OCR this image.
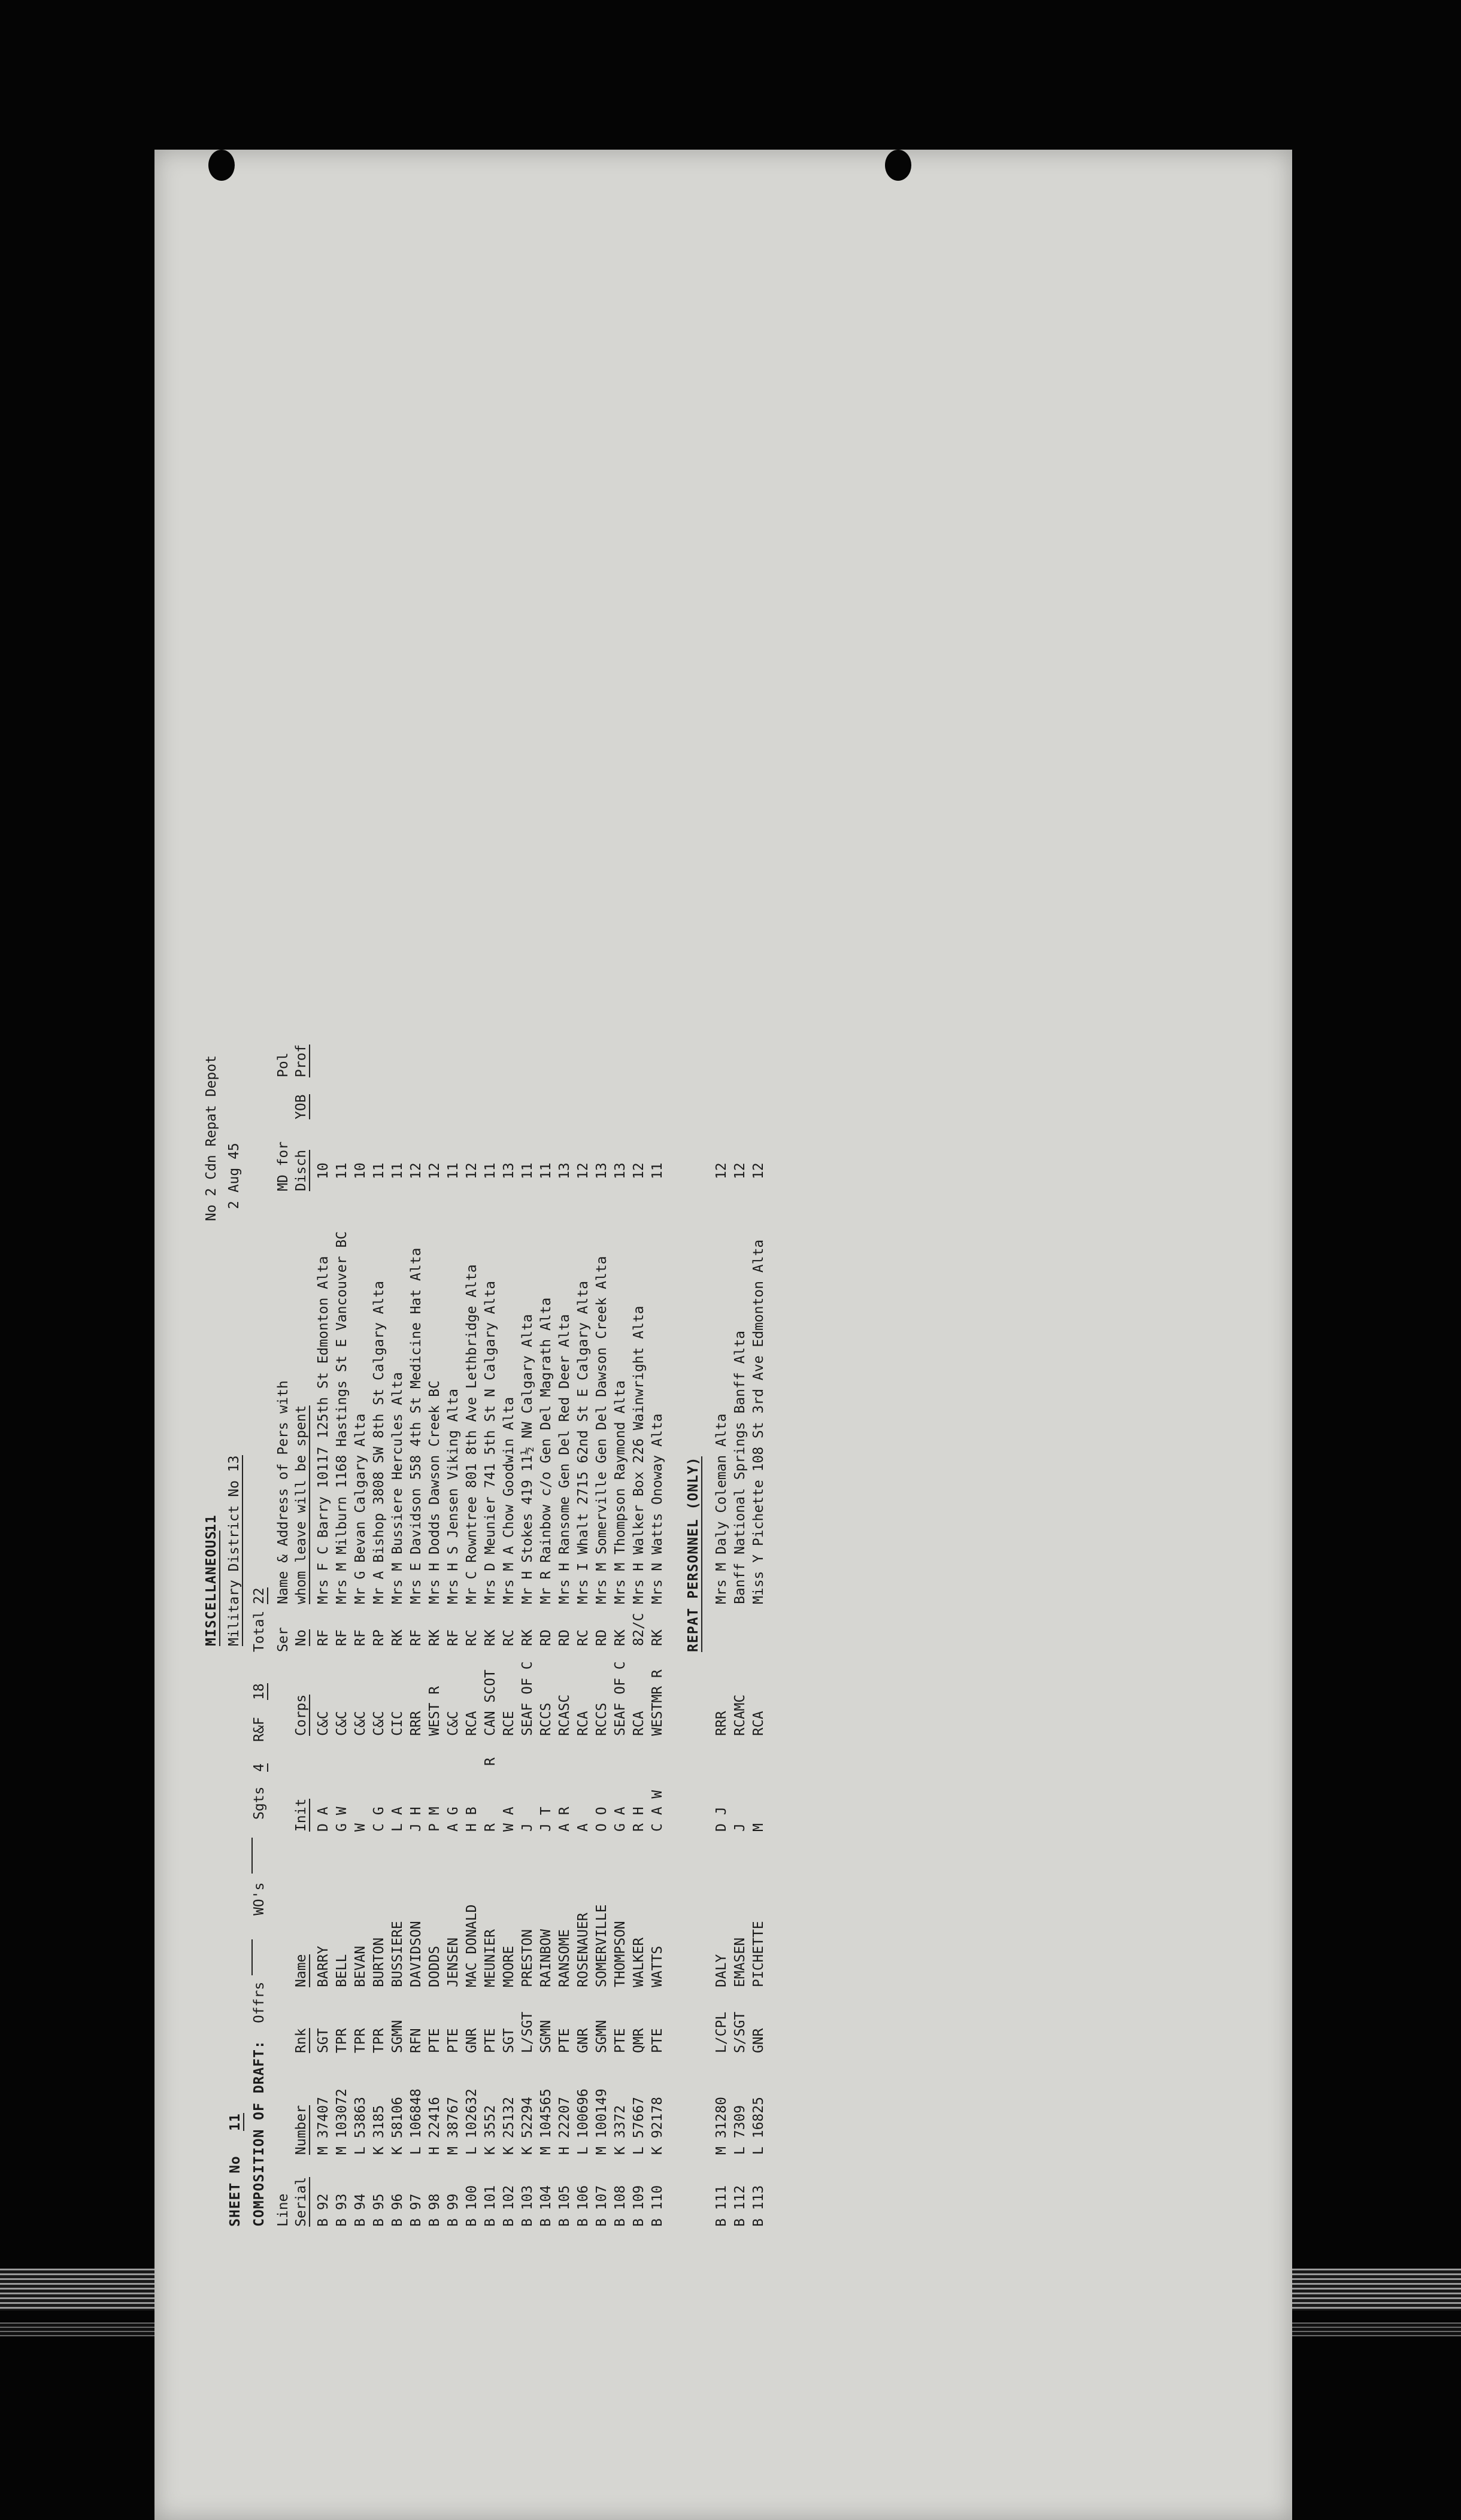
SHEET No
11 COMPOSITION OF DRAFT:
Offrs
WO's
Sgts
4
R&F
18
Total
22
MISCELLANEOUS
11 Military District No 13
No 2 Cdn Repat Depot 2 Aug 45
Line Serial
Number
Rnk
Name
Init
Corps
Ser No
Name & Address of Pers with whom leave will be spent
MD for Disch
YOB
Pol Prof
B 92
M 37407
SGT
BARRY
D A
C&C
RF
Mrs F C Barry 10117 125th St Edmonton Alta
10
B 93
M 103072
TPR
BELL
G W
C&C
RF
Mrs M Milburn 1168 Hastings St E Vancouver BC
11
B 94
L 53863
TPR
BEVAN
W
C&C
RF
Mr G Bevan Calgary Alta
10
B 95
K 3185
TPR
BURTON
C G
C&C
RP
Mr A Bishop 3808 SW 8th St Calgary Alta
11
B 96
K 58106
SGMN
BUSSIERE
L A
CIC
RK
Mrs M Bussiere Hercules Alta
11
B 97
L 106848
RFN
DAVIDSON
J H
RRR
RF
Mrs E Davidson 558 4th St Medicine Hat Alta
12
B 98
H 22416
PTE
DODDS
P M
WEST R
RK
Mrs H Dodds Dawson Creek BC
12
B 99
M 38767
PTE
JENSEN
A G
C&C
RF
Mrs H S Jensen Viking Alta
11
B 100
L 102632
GNR
MAC DONALD
H B
RCA
RC
Mr C Rowntree 801 8th Ave Lethbridge Alta
12
B 101
K 3552
PTE
MEUNIER
R
R
CAN SCOT
RK
Mrs D Meunier 741 5th St N Calgary Alta
11
B 102
K 25132
SGT
MOORE
W A
RCE
RC
Mrs M A Chow Goodwin Alta
13
B 103
K 52294
L/SGT
PRESTON
J
SEAF OF C
RK
Mr H Stokes 419 11½ NW Calgary Alta
11
B 104
M 104565
SGMN
RAINBOW
J T
RCCS
RD
Mr R Rainbow c/o Gen Del Magrath Alta
11
B 105
H 22207
PTE
RANSOME
A R
RCASC
RD
Mrs H Ransome Gen Del Red Deer Alta
13
B 106
L 100696
GNR
ROSENAUER
A
RCA
RC
Mrs I Whalt 2715 62nd St E Calgary Alta
12
B 107
M 100149
SGMN
SOMERVILLE
O O
RCCS
RD
Mrs M Somerville Gen Del Dawson Creek Alta
13
B 108
K 3372
PTE
THOMPSON
G A
SEAF OF C
RK
Mrs M Thompson Raymond Alta
13
B 109
L 57667
QMR
WALKER
R H
RCA
82/C
Mrs H Walker Box 226 Wainwright Alta
12
B 110
K 92178
PTE
WATTS
C A W
WESTMR R
RK
Mrs N Watts Onoway Alta
11
REPAT PERSONNEL (ONLY)
B 111
M 31280
L/CPL
DALY
D J
RRR
Mrs M Daly Coleman Alta
12
B 112
L 7309
S/SGT
EMASEN
J
RCAMC
Banff National Springs Banff Alta
12
B 113
L 16825
GNR
PICHETTE
M
RCA
Miss Y Pichette 108 St 3rd Ave Edmonton Alta
12
